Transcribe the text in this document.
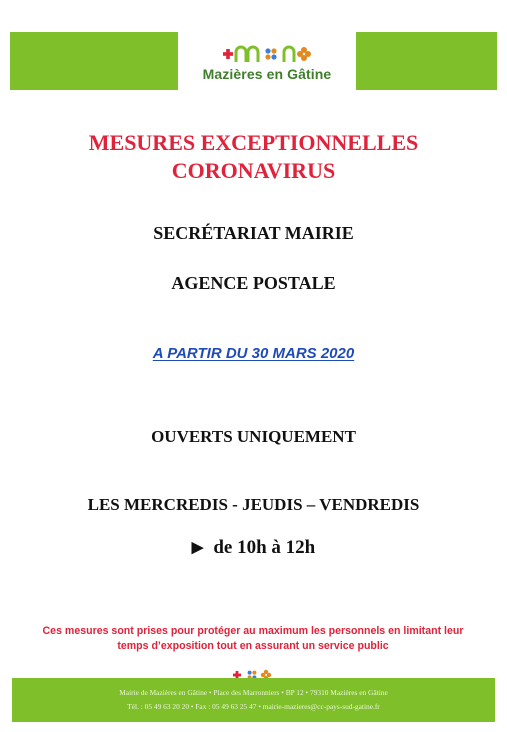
Mazières en Gâtine
MESURES EXCEPTIONNELLES
CORONAVIRUS
SECRÉTARIAT MAIRIE
AGENCE POSTALE
A PARTIR DU 30 MARS 2020
OUVERTS UNIQUEMENT
LES MERCREDIS - JEUDIS – VENDREDIS
▶ de 10h à 12h
Ces mesures sont prises pour protéger au maximum les personnels en limitant leur
temps d’exposition tout en assurant un service public
Mairie de Mazières en Gâtine • Place des Marronniers • BP 12 • 79310 Mazières en Gâtine
Tél. : 05 49 63 20 20 • Fax : 05 49 63 25 47 • mairie-mazieres@cc-pays-sud-gatine.fr
